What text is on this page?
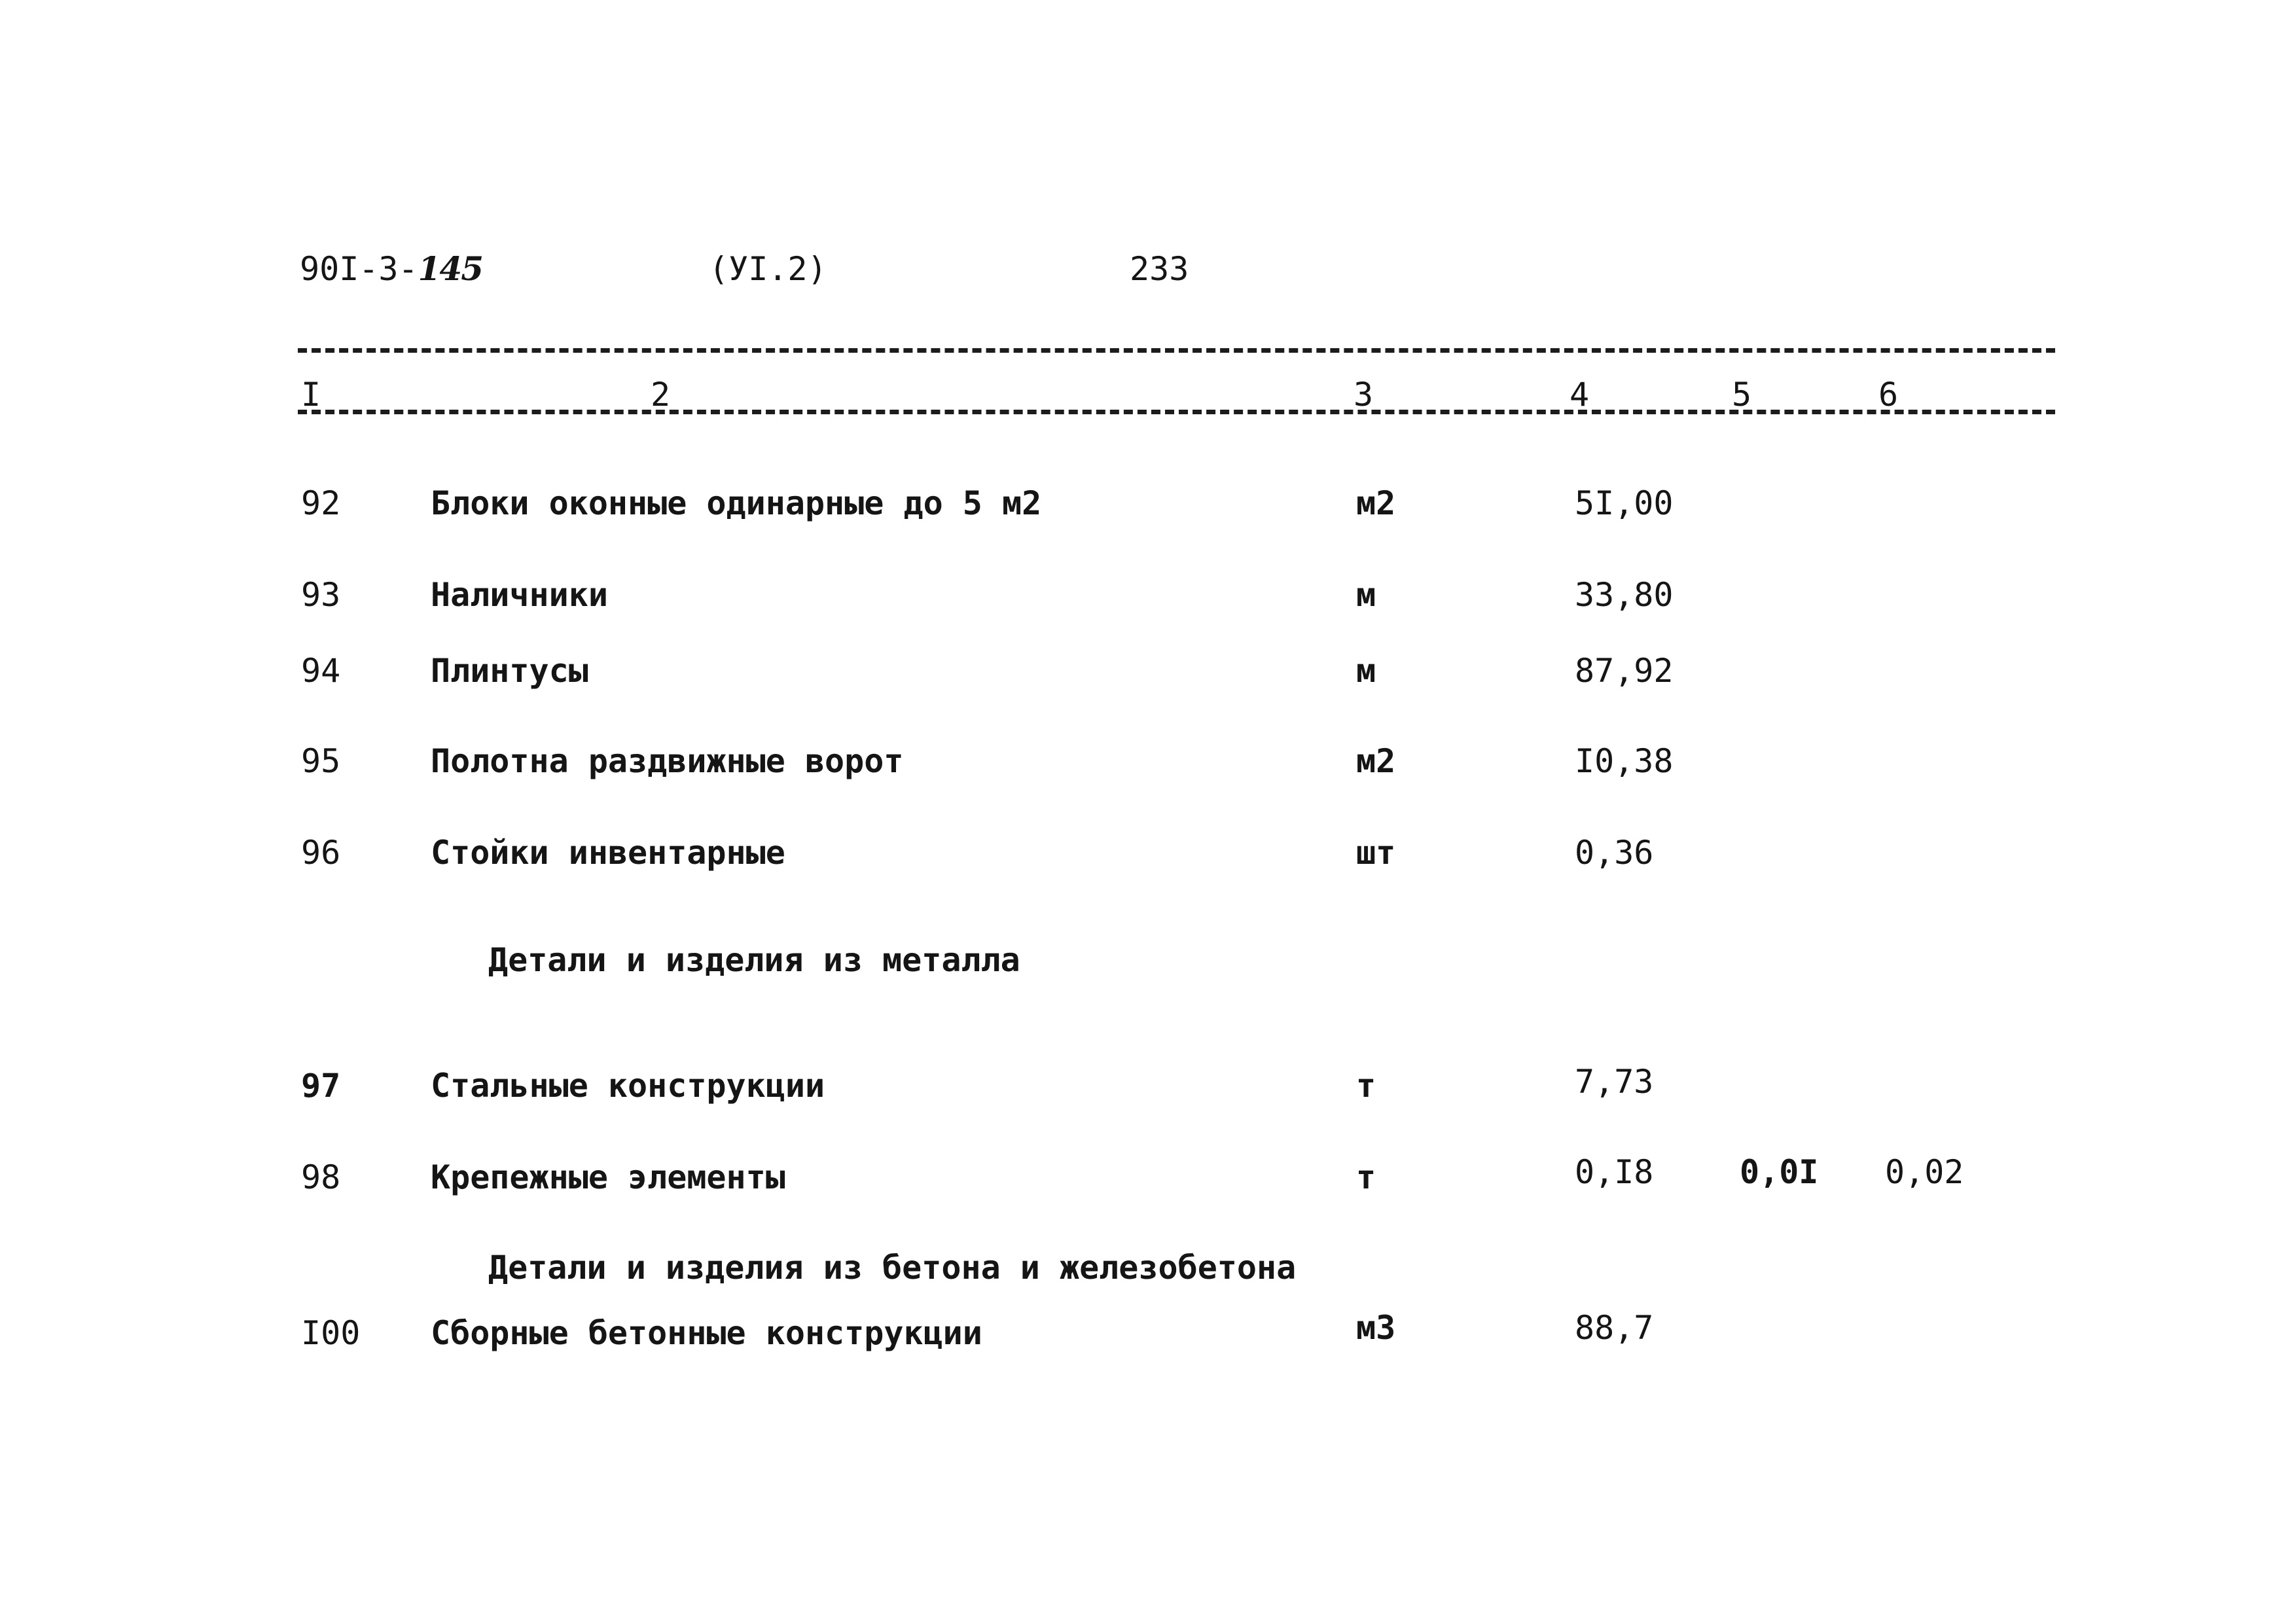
90I-3-145	(УI.2)	233
I	2	3	4	5	6
92	Блоки оконные одинарные до 5 м2	м2	5I,00
93	Наличники	м	33,80
94	Плинтусы	м	87,92
95	Полотна раздвижные ворот	м2	I0,38
96	Стойки инвентарные	шт	0,36
Детали и изделия из металла
97	Стальные конструкции	т	7,73
98	Крепежные элементы	т	0,I8	0,0I 0,02
Детали и изделия из бетона и железобетона
I00 Сборные бетонные конструкции	м3	88,7
